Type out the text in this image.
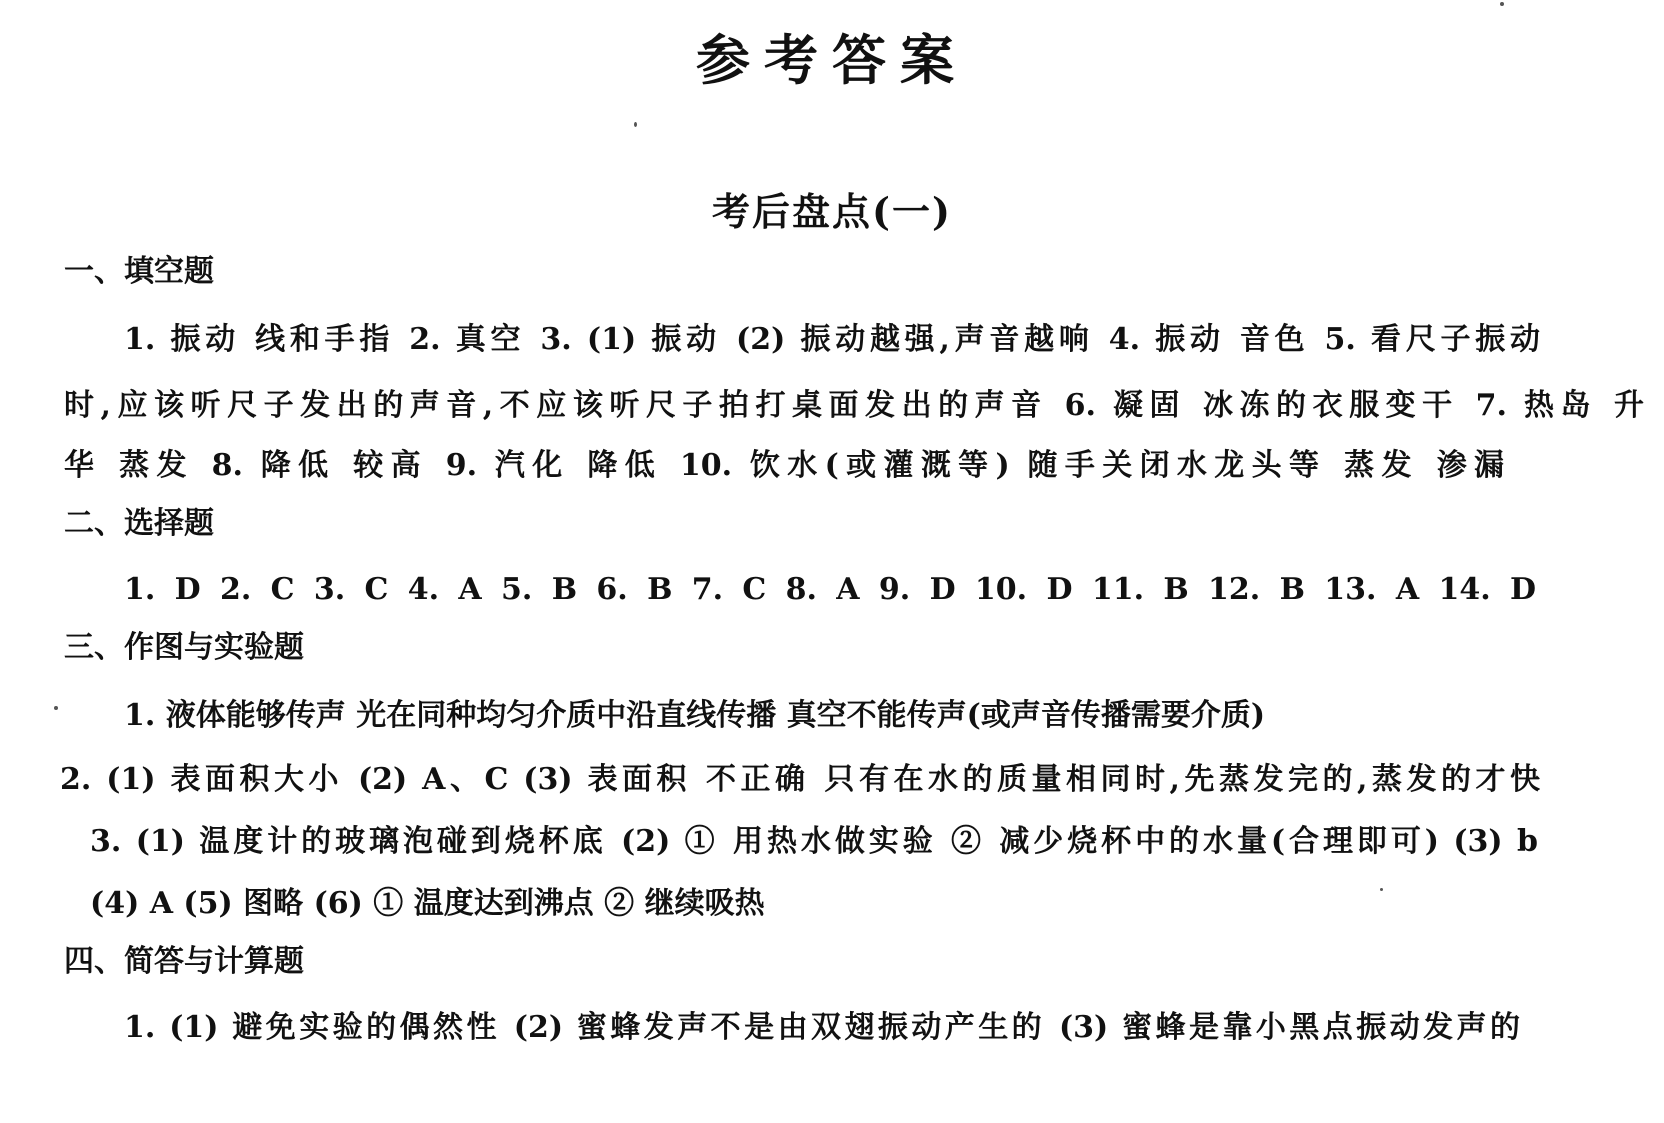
参考答案
考后盘点(一)
一、填空题
1. 振动 线和手指 2. 真空 3. (1) 振动 (2) 振动越强,声音越响 4. 振动 音色 5. 看尺子振动
时,应该听尺子发出的声音,不应该听尺子拍打桌面发出的声音 6. 凝固 冰冻的衣服变干 7. 热岛 升
华 蒸发 8. 降低 较高 9. 汽化 降低 10. 饮水(或灌溉等) 随手关闭水龙头等 蒸发 渗漏
二、选择题
1. D 2. C 3. C 4. A 5. B 6. B 7. C 8. A 9. D 10. D 11. B 12. B 13. A 14. D
三、作图与实验题
1. 液体能够传声 光在同种均匀介质中沿直线传播 真空不能传声(或声音传播需要介质)
2. (1) 表面积大小 (2) A、C (3) 表面积 不正确 只有在水的质量相同时,先蒸发完的,蒸发的才快
3. (1) 温度计的玻璃泡碰到烧杯底 (2) ① 用热水做实验 ② 减少烧杯中的水量(合理即可) (3) b
(4) A (5) 图略 (6) ① 温度达到沸点 ② 继续吸热
四、简答与计算题
1. (1) 避免实验的偶然性 (2) 蜜蜂发声不是由双翅振动产生的 (3) 蜜蜂是靠小黑点振动发声的
